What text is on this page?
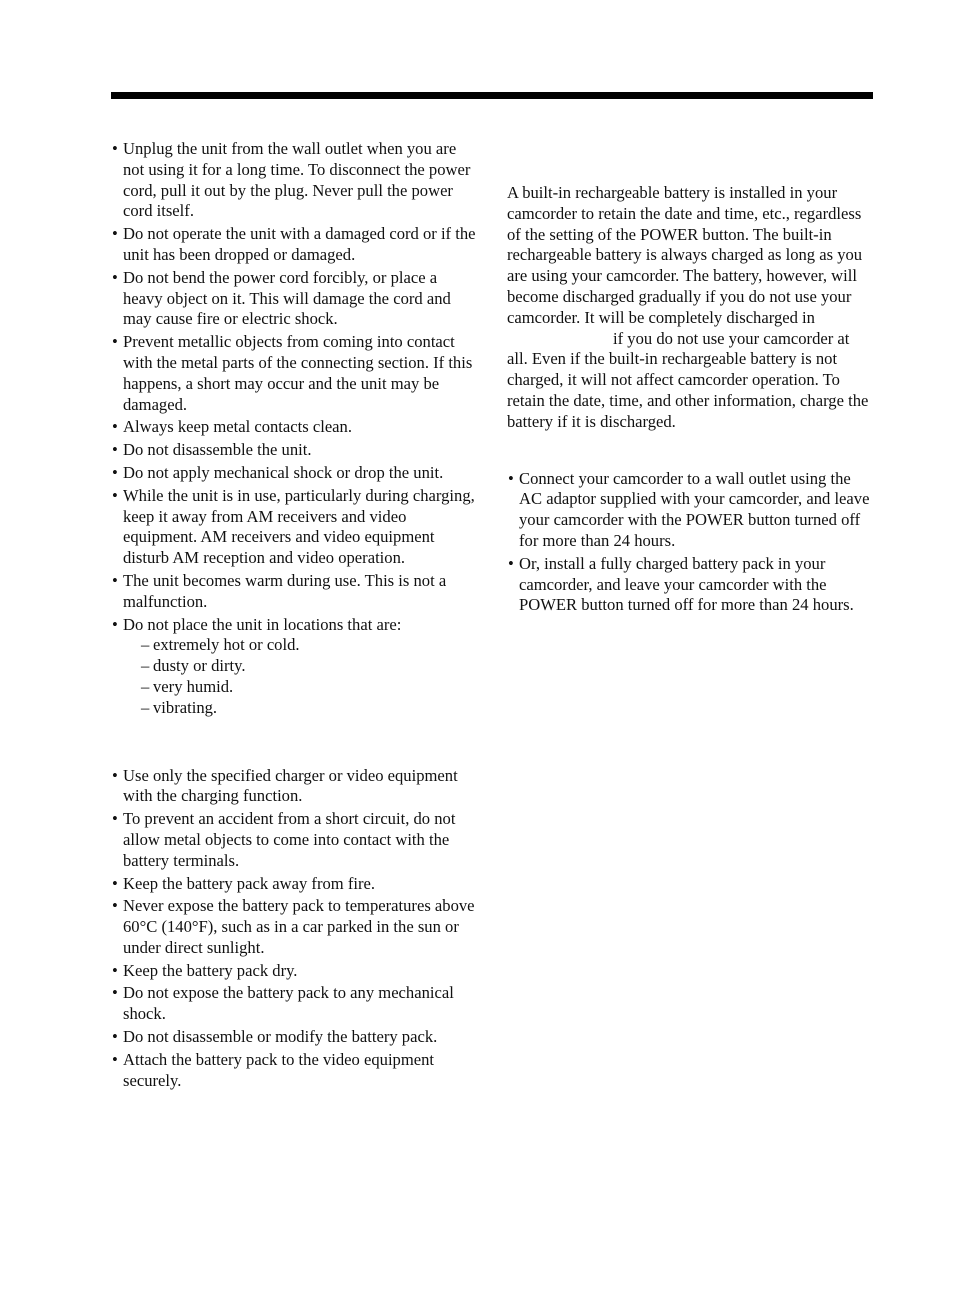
• Unplug the unit from the wall outlet when you are not using it for a long time. To disconnect the power cord, pull it out by the plug. Never pull the power cord itself.
• Do not operate the unit with a damaged cord or if the unit has been dropped or damaged.
• Do not bend the power cord forcibly, or place a heavy object on it. This will damage the cord and may cause fire or electric shock.
• Prevent metallic objects from coming into contact with the metal parts of the connecting section. If this happens, a short may occur and the unit may be damaged.
• Always keep metal contacts clean.
• Do not disassemble the unit.
• Do not apply mechanical shock or drop the unit.
• While the unit is in use, particularly during charging, keep it away from AM receivers and video equipment. AM receivers and video equipment disturb AM reception and video operation.
• The unit becomes warm during use. This is not a malfunction.
• Do not place the unit in locations that are:
– extremely hot or cold.
– dusty or dirty.
– very humid.
– vibrating.
• Use only the specified charger or video equipment with the charging function.
• To prevent an accident from a short circuit, do not allow metal objects to come into contact with the battery terminals.
• Keep the battery pack away from fire.
• Never expose the battery pack to temperatures above 60°C (140°F), such as in a car parked in the sun or under direct sunlight.
• Keep the battery pack dry.
• Do not expose the battery pack to any mechanical shock.
• Do not disassemble or modify the battery pack.
• Attach the battery pack to the video equipment securely.

A built-in rechargeable battery is installed in your camcorder to retain the date and time, etc., regardless of the setting of the POWER button. The built-in rechargeable battery is always charged as long as you are using your camcorder. The battery, however, will become discharged gradually if you do not use your camcorder. It will be completely discharged inif you do not use your camcorder at all. Even if the built-in rechargeable battery is not charged, it will not affect camcorder operation. To retain the date, time, and other information, charge the battery if it is discharged.

• Connect your camcorder to a wall outlet using the AC adaptor supplied with your camcorder, and leave your camcorder with the POWER button turned off for more than 24 hours.
• Or, install a fully charged battery pack in your camcorder, and leave your camcorder with the POWER button turned off for more than 24 hours.
